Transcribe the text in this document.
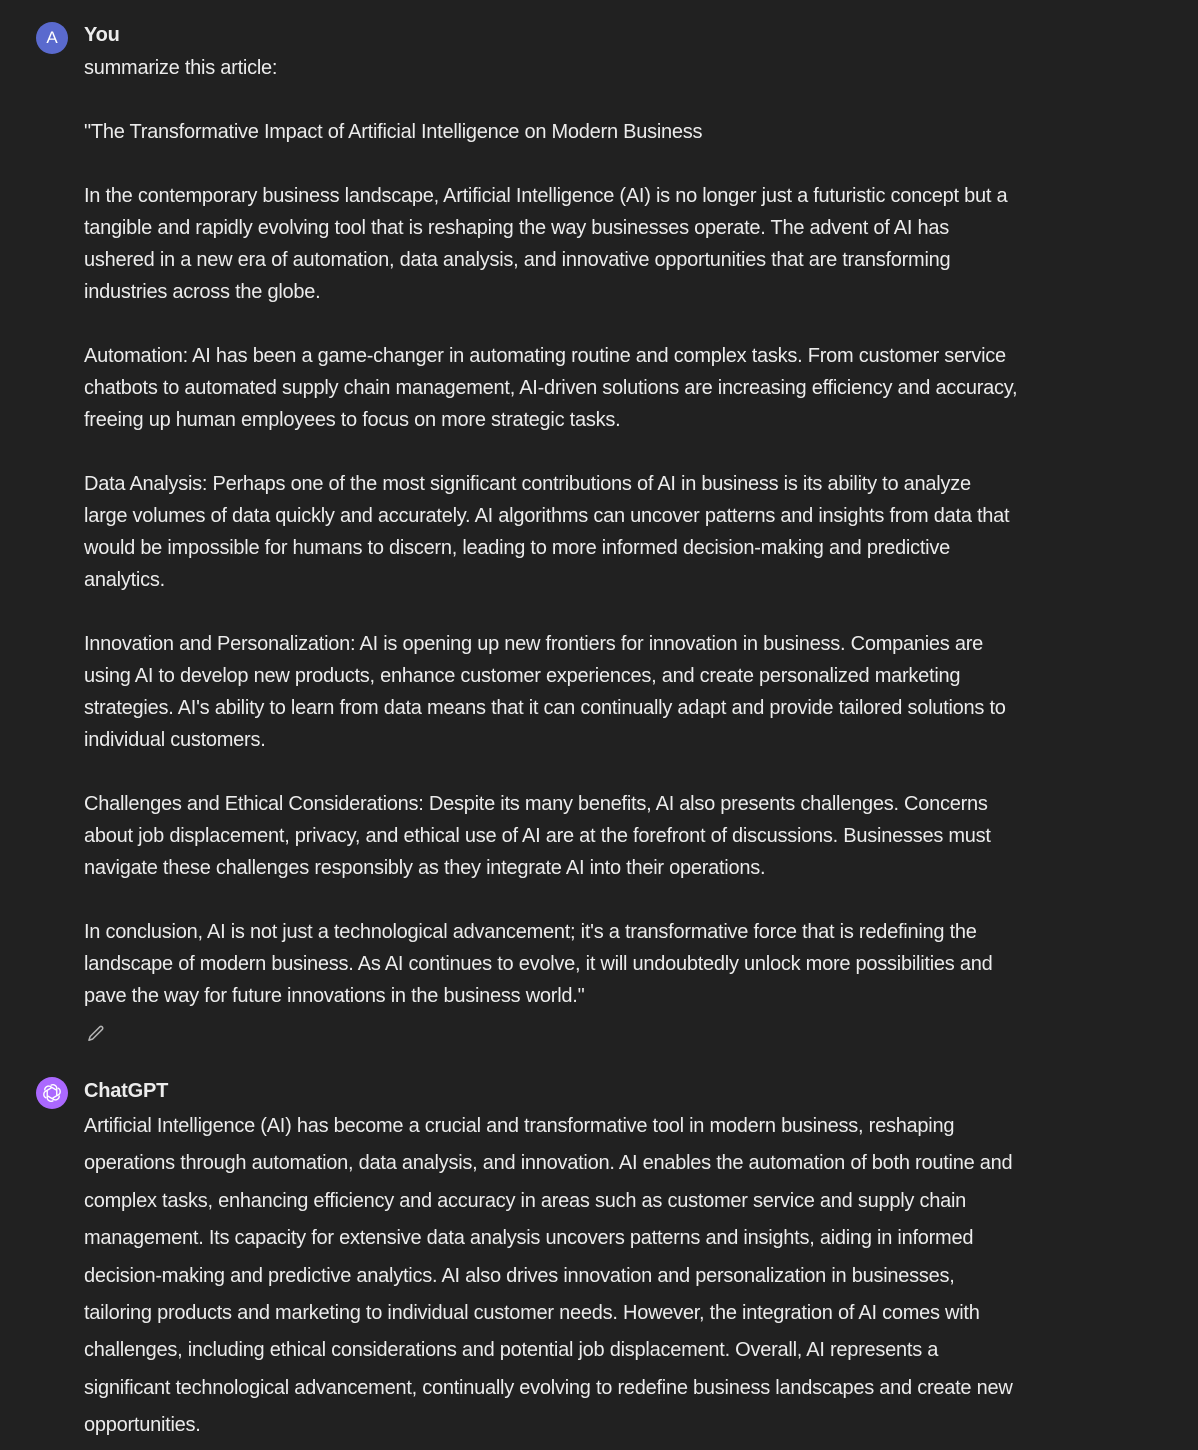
A You

summarize this article:

"The Transformative Impact of Artificial Intelligence on Modern Business

In the contemporary business landscape, Artificial Intelligence (AI) is no longer just a futuristic concept but a tangible and rapidly evolving tool that is reshaping the way businesses operate. The advent of AI has ushered in a new era of automation, data analysis, and innovative opportunities that are transforming industries across the globe.

Automation: AI has been a game-changer in automating routine and complex tasks. From customer service chatbots to automated supply chain management, AI-driven solutions are increasing efficiency and accuracy, freeing up human employees to focus on more strategic tasks.

Data Analysis: Perhaps one of the most significant contributions of AI in business is its ability to analyze large volumes of data quickly and accurately. AI algorithms can uncover patterns and insights from data that would be impossible for humans to discern, leading to more informed decision-making and predictive analytics.

Innovation and Personalization: AI is opening up new frontiers for innovation in business. Companies are using AI to develop new products, enhance customer experiences, and create personalized marketing strategies. AI's ability to learn from data means that it can continually adapt and provide tailored solutions to individual customers.

Challenges and Ethical Considerations: Despite its many benefits, AI also presents challenges. Concerns about job displacement, privacy, and ethical use of AI are at the forefront of discussions. Businesses must navigate these challenges responsibly as they integrate AI into their operations.

In conclusion, AI is not just a technological advancement; it's a transformative force that is redefining the landscape of modern business. As AI continues to evolve, it will undoubtedly unlock more possibilities and pave the way for future innovations in the business world."

ChatGPT

Artificial Intelligence (AI) has become a crucial and transformative tool in modern business, reshaping operations through automation, data analysis, and innovation. AI enables the automation of both routine and complex tasks, enhancing efficiency and accuracy in areas such as customer service and supply chain management. Its capacity for extensive data analysis uncovers patterns and insights, aiding in informed decision-making and predictive analytics. AI also drives innovation and personalization in businesses, tailoring products and marketing to individual customer needs. However, the integration of AI comes with challenges, including ethical considerations and potential job displacement. Overall, AI represents a significant technological advancement, continually evolving to redefine business landscapes and create new opportunities.
